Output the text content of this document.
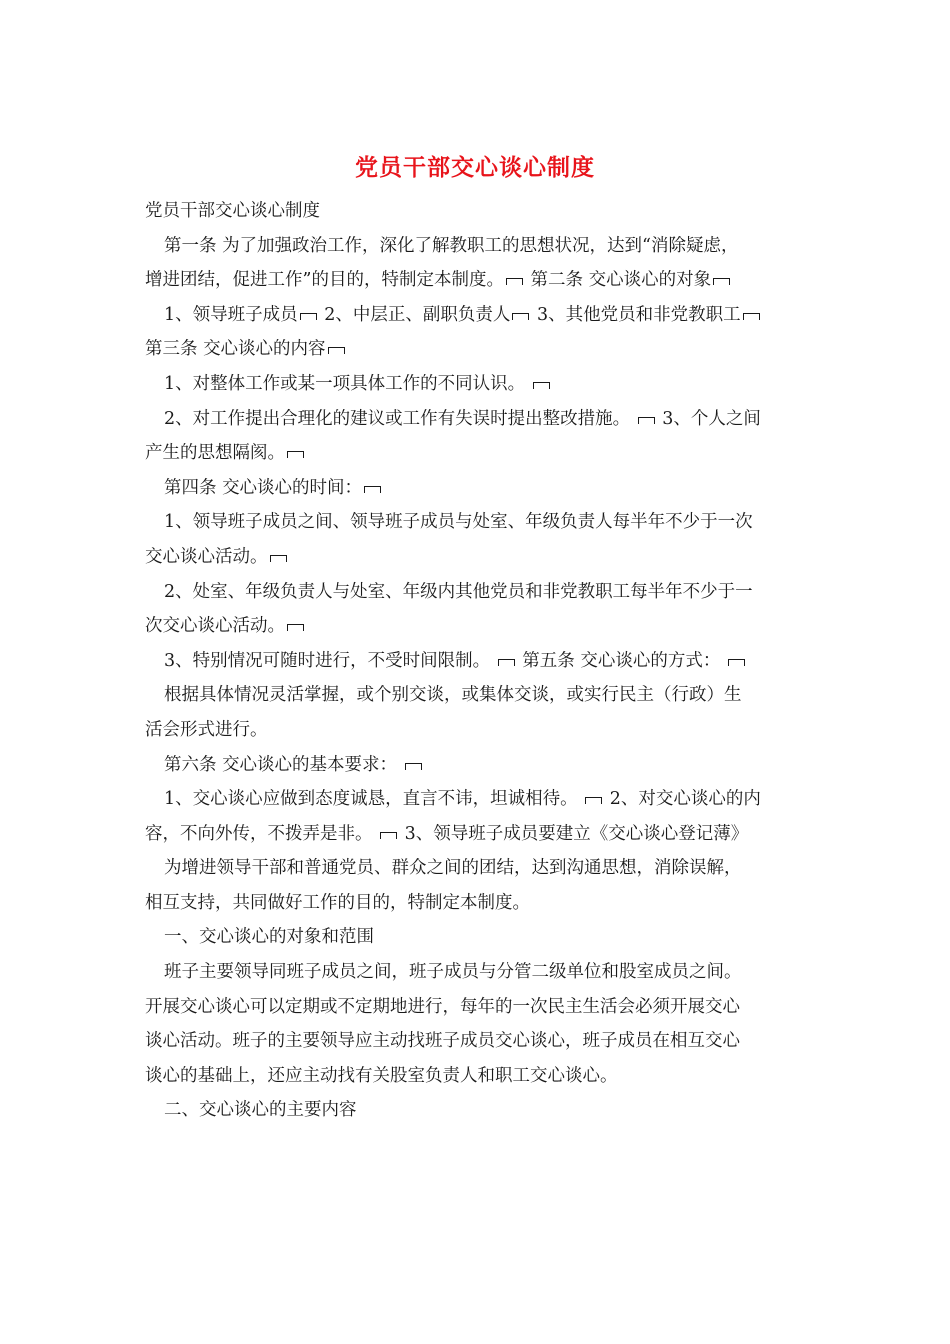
党员干部交心谈心制度

党员干部交心谈心制度

第一条 为了加强政治工作，深化了解教职工的思想状况，达到“消除疑虑，

增进团结，促进工作”的目的，特制定本制度。 第二条 交心谈心的对象

1、领导班子成员 2、中层正、副职负责人 3、其他党员和非党教职工

第三条 交心谈心的内容

1、对整体工作或某一项具体工作的不同认识。

2、对工作提出合理化的建议或工作有失误时提出整改措施。 3、个人之间

产生的思想隔阂。

第四条 交心谈心的时间：

1、领导班子成员之间、领导班子成员与处室、年级负责人每半年不少于一次

交心谈心活动。

2、处室、年级负责人与处室、年级内其他党员和非党教职工每半年不少于一

次交心谈心活动。

3、特别情况可随时进行，不受时间限制。 第五条 交心谈心的方式：

根据具体情况灵活掌握，或个别交谈，或集体交谈，或实行民主（行政）生

活会形式进行。

第六条 交心谈心的基本要求：

1、交心谈心应做到态度诚恳，直言不讳，坦诚相待。 2、对交心谈心的内

容，不向外传，不拨弄是非。 3、领导班子成员要建立《交心谈心登记薄》

为增进领导干部和普通党员、群众之间的团结，达到沟通思想，消除误解，

相互支持，共同做好工作的目的，特制定本制度。

一、交心谈心的对象和范围

班子主要领导同班子成员之间，班子成员与分管二级单位和股室成员之间。

开展交心谈心可以定期或不定期地进行，每年的一次民主生活会必须开展交心

谈心活动。班子的主要领导应主动找班子成员交心谈心，班子成员在相互交心

谈心的基础上，还应主动找有关股室负责人和职工交心谈心。

二、交心谈心的主要内容
